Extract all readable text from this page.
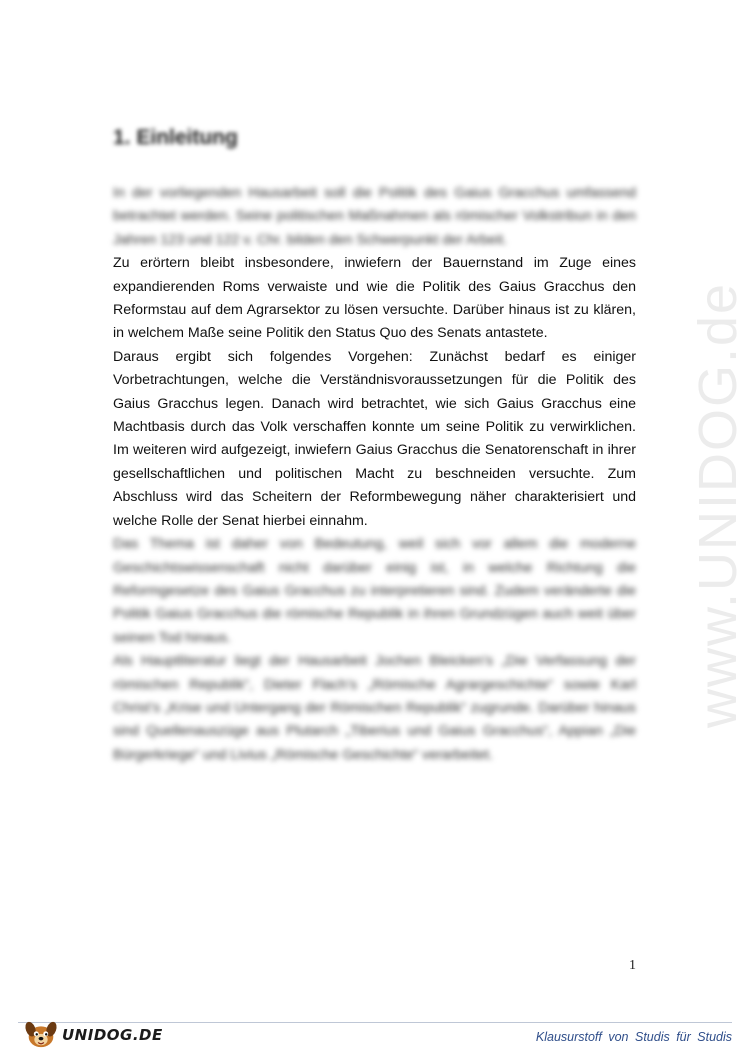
www.UNIDOG.de
1. Einleitung

In der vorliegenden Hausarbeit soll die Politik des Gaius Gracchus umfassend betrachtet werden. Seine politischen Maßnahmen als römischer Volkstribun in den Jahren 123 und 122 v. Chr. bilden den Schwerpunkt der Arbeit.

Zu erörtern bleibt insbesondere, inwiefern der Bauernstand im Zuge eines expandierenden Roms verwaiste und wie die Politik des Gaius Gracchus den Reformstau auf dem Agrarsektor zu lösen versuchte. Darüber hinaus ist zu klären, in welchem Maße seine Politik den Status Quo des Senats antastete.

Daraus ergibt sich folgendes Vorgehen: Zunächst bedarf es einiger Vorbetrachtungen, welche die Verständnisvoraussetzungen für die Politik des Gaius Gracchus legen. Danach wird betrachtet, wie sich Gaius Gracchus eine Machtbasis durch das Volk verschaffen konnte um seine Politik zu verwirklichen. Im weiteren wird aufgezeigt, inwiefern Gaius Gracchus die Senatorenschaft in ihrer gesellschaftlichen und politischen Macht zu beschneiden versuchte. Zum Abschluss wird das Scheitern der Reformbewegung näher charakterisiert und welche Rolle der Senat hierbei einnahm.

Das Thema ist daher von Bedeutung, weil sich vor allem die moderne Geschichtswissenschaft nicht darüber einig ist, in welche Richtung die Reformgesetze des Gaius Gracchus zu interpretieren sind. Zudem veränderte die Politik Gaius Gracchus die römische Republik in ihren Grundzügen auch weit über seinen Tod hinaus.

Als Hauptliteratur liegt der Hausarbeit Jochen Bleicken’s „Die Verfassung der römischen Republik“, Dieter Flach’s „Römische Agrargeschichte“ sowie Karl Christ’s „Krise und Untergang der Römischen Republik“ zugrunde. Darüber hinaus sind Quellenauszüge aus Plutarch „Tiberius und Gaius Gracchus“, Appian „Die Bürgerkriege“ und Livius „Römische Geschichte“ verarbeitet.

1
UNIDOG.DE	Klausurstoff von Studis für Studis
